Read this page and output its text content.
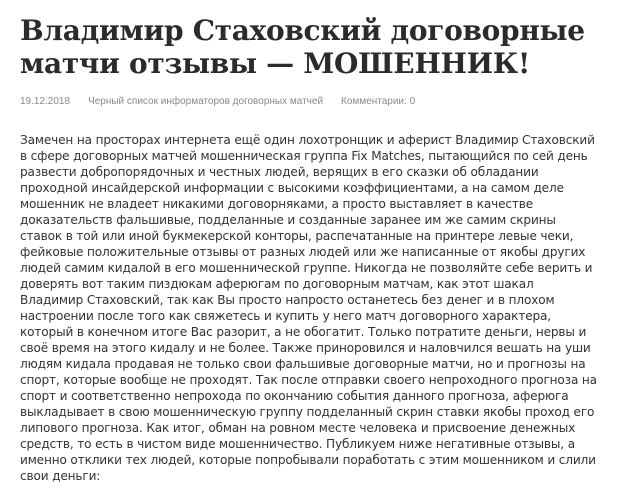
Владимир Стаховский договорные матчи отзывы — МОШЕННИК!
19.12.2018 Черный список информаторов договорных матчей Комментарии: 0

Замечен на просторах интернета ещё один лохотронщик и аферист Владимир Стаховский в сфере договорных матчей мошенническая группа Fix Matches, пытающийся по сей день развести добропорядочных и честных людей, верящих в его сказки об обладании проходной инсайдерской информации с высокими коэффициентами, а на самом деле мошенник не владеет никакими договорняками, а просто выставляет в качестве доказательств фальшивые, подделанные и созданные заранее им же самим скрины ставок в той или иной букмекерской конторы, распечатанные на принтере левые чеки, фейковые положительные отзывы от разных людей или же написанные от якобы других людей самим кидалой в его мошеннической группе. Никогда не позволяйте себе верить и доверять вот таким пиздюкам аферюгам по договорным матчам, как этот шакал Владимир Стаховский, так как Вы просто напросто останетесь без денег и в плохом настроении после того как свяжетесь и купить у него матч договорного характера, который в конечном итоге Вас разорит, а не обогатит. Только потратите деньги, нервы и своё время на этого кидалу и не более. Также приноровился и наловчился вешать на уши людям кидала продавая не только свои фальшивые договорные матчи, но и прогнозы на спорт, которые вообще не проходят. Так после отправки своего непроходного прогноза на спорт и соответственно непрохода по окончанию события данного прогноза, аферюга выкладывает в свою мошенническую группу подделанный скрин ставки якобы проход его липового прогноза. Как итог, обман на ровном месте человека и присвоение денежных средств, то есть в чистом виде мошенничество. Публикуем ниже негативные отзывы, а именно отклики тех людей, которые попробывали поработать с этим мошенником и слили свои деньги:
